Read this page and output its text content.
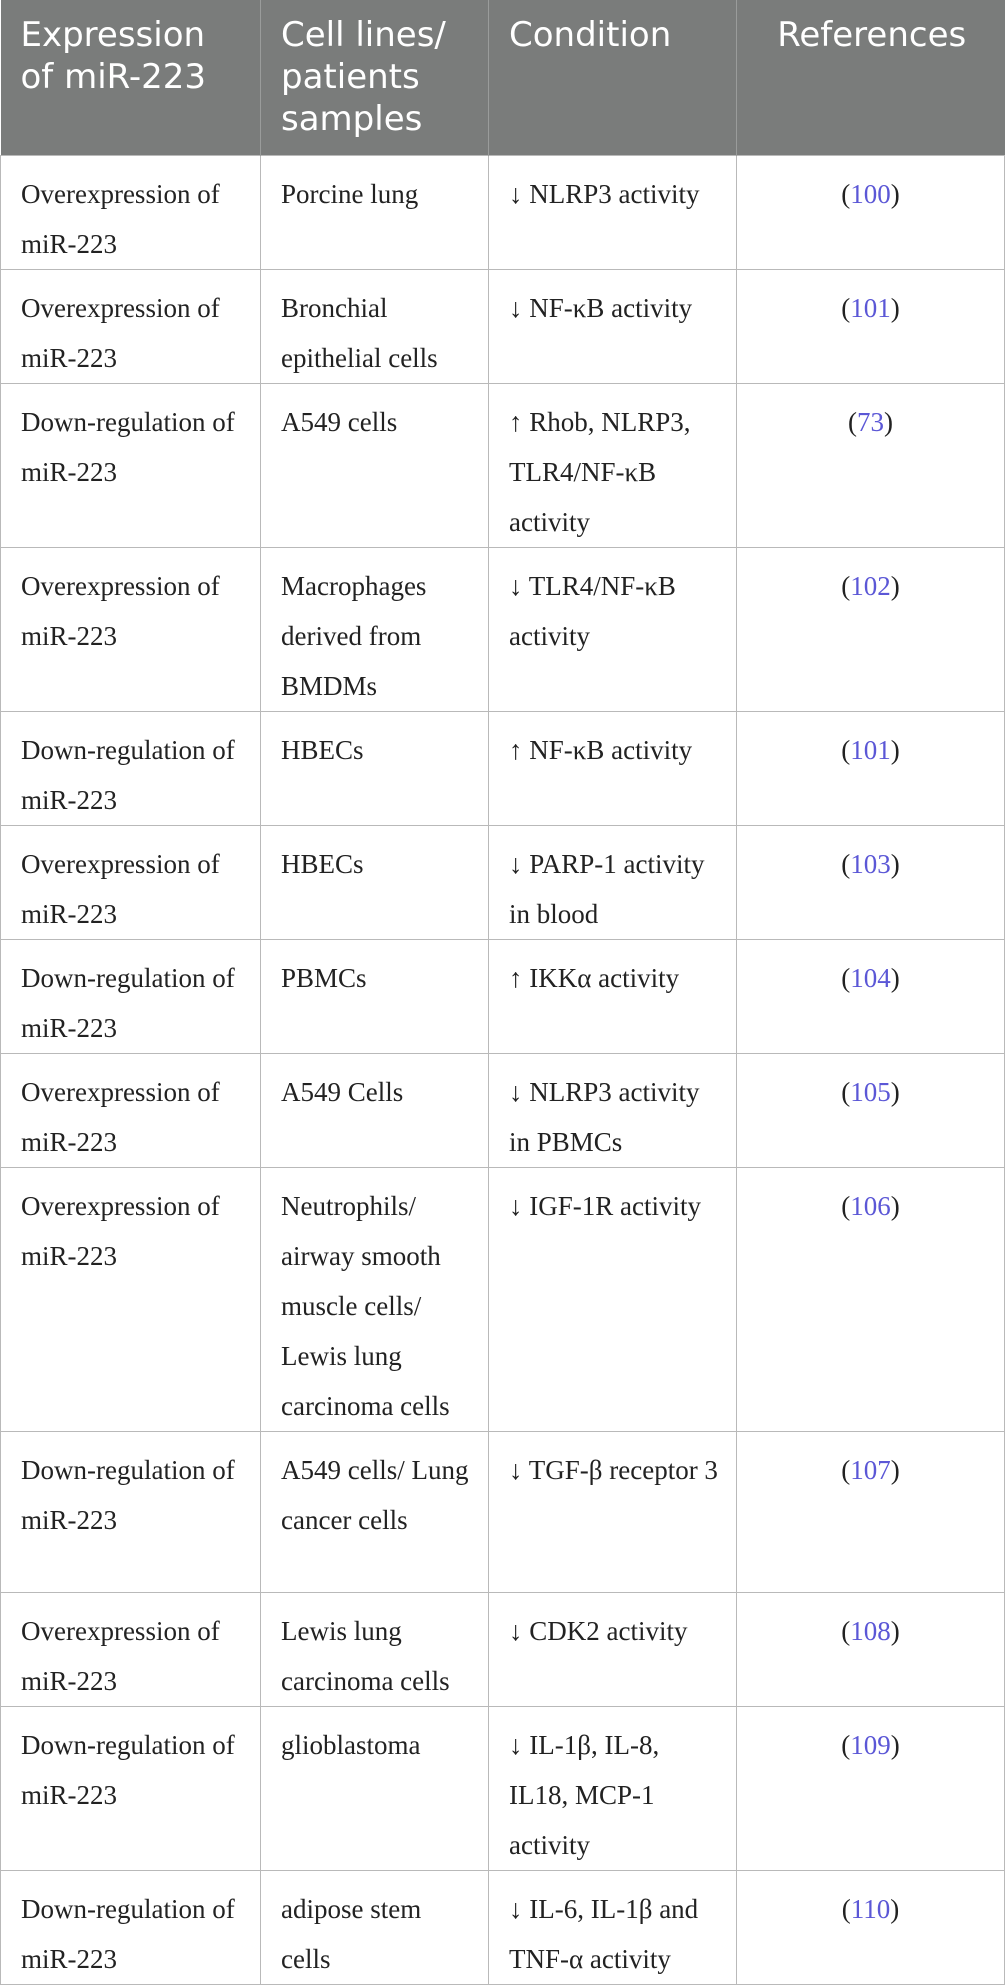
Expression of miR-223	Cell lines/ patients samples	Condition	References
Overexpression of miR-223	Porcine lung	↓ NLRP3 activity	(100)
Overexpression of miR-223	Bronchial epithelial cells	↓ NF-κB activity	(101)
Down-regulation of miR-223	A549 cells	↑ Rhob, NLRP3, TLR4/NF-κB activity	(73)
Overexpression of miR-223	Macrophages derived from BMDMs	↓ TLR4/NF-κB activity	(102)
Down-regulation of miR-223	HBECs	↑ NF-κB activity	(101)
Overexpression of miR-223	HBECs	↓ PARP-1 activity in blood	(103)
Down-regulation of miR-223	PBMCs	↑ IKKα activity	(104)
Overexpression of miR-223	A549 Cells	↓ NLRP3 activity in PBMCs	(105)
Overexpression of miR-223	Neutrophils/ airway smooth muscle cells/ Lewis lung carcinoma cells	↓ IGF-1R activity	(106)
Down-regulation of miR-223	A549 cells/ Lung cancer cells	↓ TGF-β receptor 3	(107)
Overexpression of miR-223	Lewis lung carcinoma cells	↓ CDK2 activity	(108)
Down-regulation of miR-223	glioblastoma	↓ IL-1β, IL-8, IL18, MCP-1 activity	(109)
Down-regulation of miR-223	adipose stem cells	↓ IL-6, IL-1β and TNF-α activity	(110)
